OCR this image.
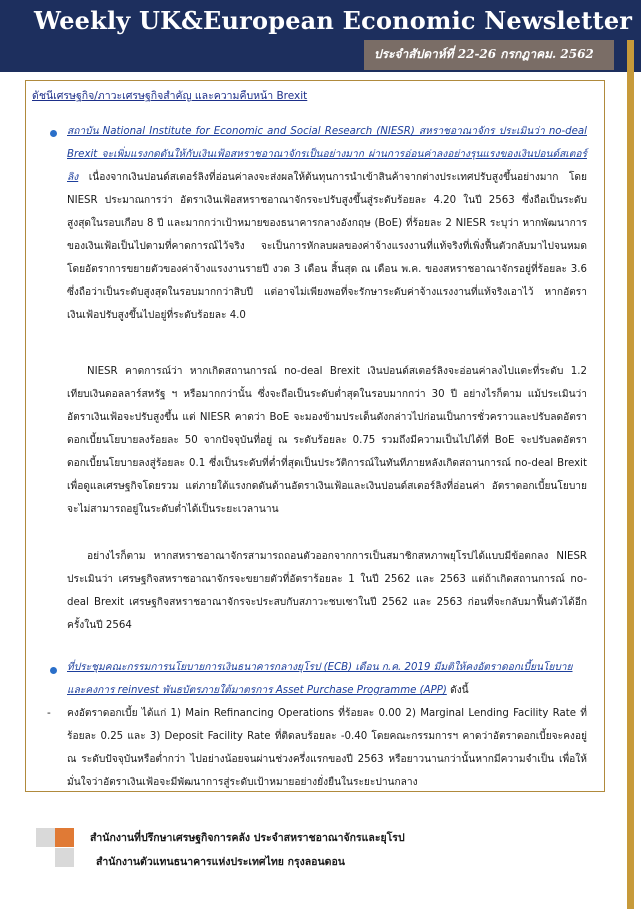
Weekly UK&European Economic Newsletter
ประจำสัปดาห์ที่ 22-26 กรกฎาคม. 2562
ดัชนีเศรษฐกิจ/ภาวะเศรษฐกิจสำคัญ และความคืบหน้า Brexit

สถาบัน National Institute for Economic and Social Research (NIESR) สหราชอาณาจักร ประเมินว่า no-deal Brexit จะเพิ่มแรงกดดันให้กับเงินเฟ้อสหราชอาณาจักรเป็นอย่างมาก ผ่านการอ่อนค่าลงอย่างรุนแรงของเงินปอนด์สเตอร์ลิง เนื่องจากเงินปอนด์สเตอร์ลิงที่อ่อนค่าลงจะส่งผลให้ต้นทุนการนำเข้าสินค้าจากต่างประเทศปรับสูงขึ้นอย่างมาก โดย NIESR ประมาณการว่า อัตราเงินเฟ้อสหราชอาณาจักรจะปรับสูงขึ้นสู่ระดับร้อยละ 4.20 ในปี 2563 ซึ่งถือเป็นระดับสูงสุดในรอบเกือบ 8 ปี และมากกว่าเป้าหมายของธนาคารกลางอังกฤษ (BoE) ที่ร้อยละ 2 NIESR ระบุว่า หากพัฒนาการของเงินเฟ้อเป็นไปตามที่คาดการณ์ไว้จริง จะเป็นการหักลบผลของค่าจ้างแรงงานที่แท้จริงที่เพิ่งฟื้นตัวกลับมาไปจนหมด โดยอัตราการขยายตัวของค่าจ้างแรงงานรายปี งวด 3 เดือน สิ้นสุด ณ เดือน พ.ค. ของสหราชอาณาจักรอยู่ที่ร้อยละ 3.6 ซึ่งถือว่าเป็นระดับสูงสุดในรอบมากกว่าสิบปี แต่อาจไม่เพียงพอที่จะรักษาระดับค่าจ้างแรงงานที่แท้จริงเอาไว้ หากอัตราเงินเฟ้อปรับสูงขึ้นไปอยู่ที่ระดับร้อยละ 4.0

NIESR คาดการณ์ว่า หากเกิดสถานการณ์ no-deal Brexit เงินปอนด์สเตอร์ลิงจะอ่อนค่าลงไปแตะที่ระดับ 1.2 เทียบเงินดอลลาร์สหรัฐ ฯ หรือมากกว่านั้น ซึ่งจะถือเป็นระดับต่ำสุดในรอบมากกว่า 30 ปี อย่างไรก็ตาม แม้ประเมินว่าอัตราเงินเฟ้อจะปรับสูงขึ้น แต่ NIESR คาดว่า BoE จะมองข้ามประเด็นดังกล่าวไปก่อนเป็นการชั่วคราวและปรับลดอัตราดอกเบี้ยนโยบายลงร้อยละ 50 จากปัจจุบันที่อยู่ ณ ระดับร้อยละ 0.75 รวมถึงมีความเป็นไปได้ที่ BoE จะปรับลดอัตราดอกเบี้ยนโยบายลงสู่ร้อยละ 0.1 ซึ่งเป็นระดับที่ต่ำที่สุดเป็นประวัติการณ์ในทันทีภายหลังเกิดสถานการณ์ no-deal Brexit เพื่อดูแลเศรษฐกิจโดยรวม แต่ภายใต้แรงกดดันด้านอัตราเงินเฟ้อและเงินปอนด์สเตอร์ลิงที่อ่อนค่า อัตราดอกเบี้ยนโยบายจะไม่สามารถอยู่ในระดับต่ำได้เป็นระยะเวลานาน

อย่างไรก็ตาม หากสหราชอาณาจักรสามารถถอนตัวออกจากการเป็นสมาชิกสหภาพยุโรปได้แบบมีข้อตกลง NIESR ประเมินว่า เศรษฐกิจสหราชอาณาจักรจะขยายตัวที่อัตราร้อยละ 1 ในปี 2562 และ 2563 แต่ถ้าเกิดสถานการณ์ no-deal Brexit เศรษฐกิจสหราชอาณาจักรจะประสบกับสภาวะชบเซาในปี 2562 และ 2563 ก่อนที่จะกลับมาฟื้นตัวได้อีกครั้งในปี 2564

ที่ประชุมคณะกรรมการนโยบายการเงินธนาคารกลางยุโรป (ECB) เดือน ก.ค. 2019 มีมติให้คงอัตราดอกเบี้ยนโยบายและคงการ reinvest พันธบัตรภายใต้มาตรการ Asset Purchase Programme (APP) ดังนี้

- คงอัตราดอกเบี้ย ได้แก่ 1) Main Refinancing Operations ที่ร้อยละ 0.00 2) Marginal Lending Facility Rate ที่ร้อยละ 0.25 และ 3) Deposit Facility Rate ที่ติดลบร้อยละ -0.40 โดยคณะกรรมการฯ คาดว่าอัตราดอกเบี้ยจะคงอยู่ ณ ระดับปัจจุบันหรือต่ำกว่า ไปอย่างน้อยจนผ่านช่วงครึ่งแรกของปี 2563 หรือยาวนานกว่านั้นหากมีความจำเป็น เพื่อให้มั่นใจว่าอัตราเงินเฟ้อจะมีพัฒนาการสู่ระดับเป้าหมายอย่างยั่งยืนในระยะปานกลาง

สำนักงานที่ปรึกษาเศรษฐกิจการคลัง ประจำสหราชอาณาจักรและยุโรป
สำนักงานตัวแทนธนาคารแห่งประเทศไทย กรุงลอนดอน
